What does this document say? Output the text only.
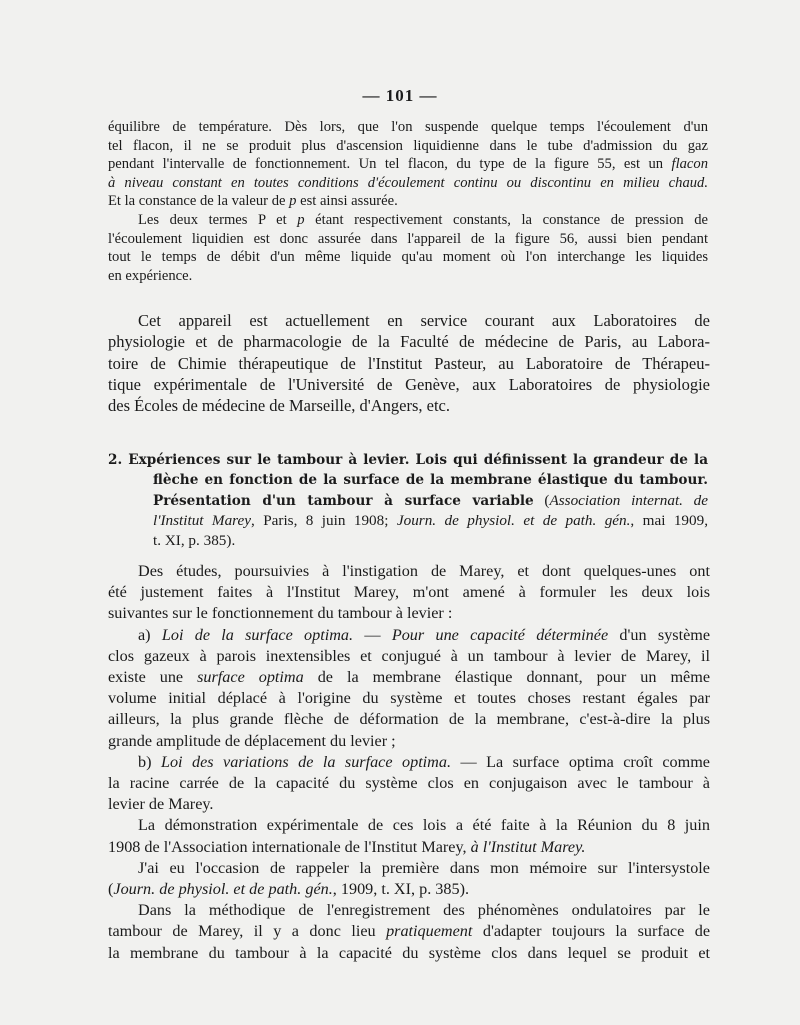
— 101 —
équilibre de température. Dès lors, que l'on suspende quelque temps l'écoulement d'un
tel flacon, il ne se produit plus d'ascension liquidienne dans le tube d'admission du gaz
pendant l'intervalle de fonctionnement. Un tel flacon, du type de la figure 55, est un flacon
à niveau constant en toutes conditions d'écoulement continu ou discontinu en milieu chaud.
Et la constance de la valeur de p est ainsi assurée.
Les deux termes P et p étant respectivement constants, la constance de pression de
l'écoulement liquidien est donc assurée dans l'appareil de la figure 56, aussi bien pendant
tout le temps de débit d'un même liquide qu'au moment où l'on interchange les liquides
en expérience.
Cet appareil est actuellement en service courant aux Laboratoires de
physiologie et de pharmacologie de la Faculté de médecine de Paris, au Labora-
toire de Chimie thérapeutique de l'Institut Pasteur, au Laboratoire de Thérapeu-
tique expérimentale de l'Université de Genève, aux Laboratoires de physiologie
des Écoles de médecine de Marseille, d'Angers, etc.
2. Expériences sur le tambour à levier. Lois qui définissent la grandeur de la
flèche en fonction de la surface de la membrane élastique du tambour.
Présentation d'un tambour à surface variable (Association internat. de
l'Institut Marey, Paris, 8 juin 1908; Journ. de physiol. et de path. gén., mai 1909,
t. XI, p. 385).
Des études, poursuivies à l'instigation de Marey, et dont quelques-unes ont
été justement faites à l'Institut Marey, m'ont amené à formuler les deux lois
suivantes sur le fonctionnement du tambour à levier :
a) Loi de la surface optima. — Pour une capacité déterminée d'un système
clos gazeux à parois inextensibles et conjugué à un tambour à levier de Marey, il
existe une surface optima de la membrane élastique donnant, pour un même
volume initial déplacé à l'origine du système et toutes choses restant égales par
ailleurs, la plus grande flèche de déformation de la membrane, c'est-à-dire la plus
grande amplitude de déplacement du levier ;
b) Loi des variations de la surface optima. — La surface optima croît comme
la racine carrée de la capacité du système clos en conjugaison avec le tambour à
levier de Marey.
La démonstration expérimentale de ces lois a été faite à la Réunion du 8 juin
1908 de l'Association internationale de l'Institut Marey, à l'Institut Marey.
J'ai eu l'occasion de rappeler la première dans mon mémoire sur l'intersystole
(Journ. de physiol. et de path. gén., 1909, t. XI, p. 385).
Dans la méthodique de l'enregistrement des phénomènes ondulatoires par le
tambour de Marey, il y a donc lieu pratiquement d'adapter toujours la surface de
la membrane du tambour à la capacité du système clos dans lequel se produit et
